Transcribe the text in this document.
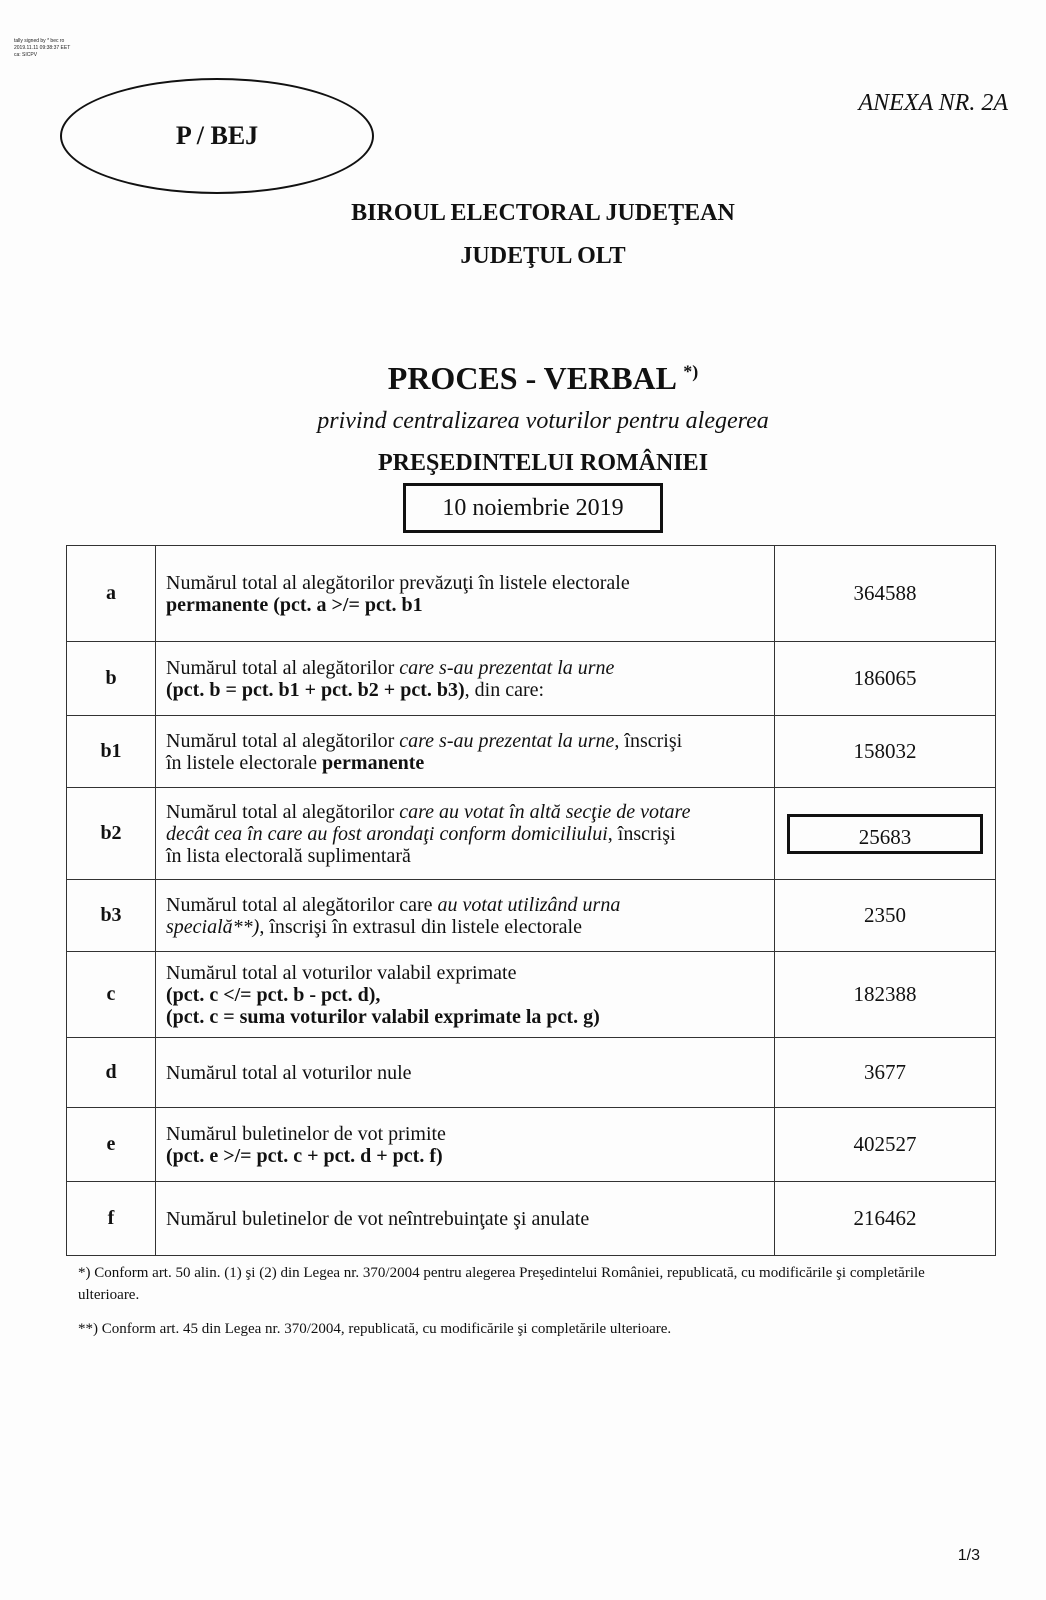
tally signed by * bec ro
2019.11.11 09:38:37 EET
ca: SICPV
P / BEJ
ANEXA NR. 2A
BIROUL ELECTORAL JUDEŢEAN
JUDEŢUL OLT
PROCES - VERBAL *)
privind centralizarea voturilor pentru alegerea
PREŞEDINTELUI ROMÂNIEI
10 noiembrie 2019
a	Numărul total al alegătorilor prevăzuţi în listele electorale
permanente (pct. a >/= pct. b1	364588
b	Numărul total al alegătorilor care s-au prezentat la urne
(pct. b = pct. b1 + pct. b2 + pct. b3), din care:	186065
b1	Numărul total al alegătorilor care s-au prezentat la urne, înscrişi
în listele electorale permanente	158032
b2	Numărul total al alegătorilor care au votat în altă secţie de votare
decât cea în care au fost arondaţi conform domiciliului, înscrişi
în lista electorală suplimentară	25683
b3	Numărul total al alegătorilor care au votat utilizând urna
specială**), înscrişi în extrasul din listele electorale	2350
c	Numărul total al voturilor valabil exprimate
(pct. c </= pct. b - pct. d),
(pct. c = suma voturilor valabil exprimate la pct. g)	182388
d	Numărul total al voturilor nule	3677
e	Numărul buletinelor de vot primite
(pct. e >/= pct. c + pct. d + pct. f)	402527
f	Numărul buletinelor de vot neîntrebuinţate şi anulate	216462
*) Conform art. 50 alin. (1) şi (2) din Legea nr. 370/2004 pentru alegerea Preşedintelui României, republicată, cu modificările şi completările ulterioare.
**) Conform art. 45 din Legea nr. 370/2004, republicată, cu modificările şi completările ulterioare.
1/3
